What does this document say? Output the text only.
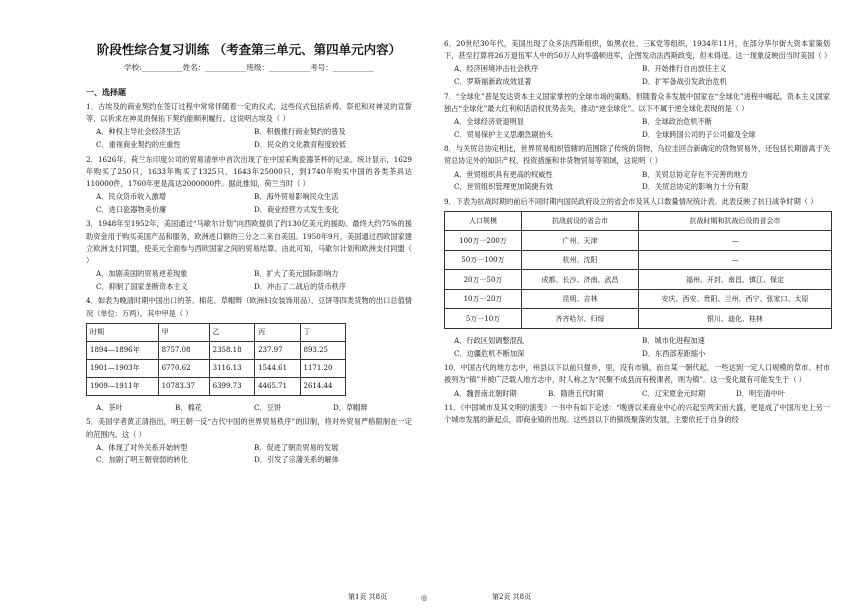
阶段性综合复习训练 （考查第三单元、第四单元内容）
学校:___________姓名：___________班级：___________考号：___________
一、选择题

1．古埃及的商业契约在签订过程中常常伴随着一定的仪式，这些仪式包括祈祷、祭祀和对神灵的宣誓等，以祈求在神灵的保佑下契约能顺利履行。这说明古埃及（ ）

A．种权主导社会经济生活	B．积极推行商业契约的普及
C．重视商业契约的庄重性	D．民众的文化教育程度较低

2．1626年，荷兰东印度公司的贸易清单中首次出现了在中国采购瓷器茶杯的记录。统计显示，1629年购买了250只，1633年购买了1325只，1643年25000只，到1740年购买中国的各类茶具达110000件，1760年更是高达2000000件。据此推知，荷兰当时（ ）

A．民众货币收入激增	B．海外贸易影响民众生活
C．进口瓷器物美价廉	D．商业经营方式发生变化

3．1948年至1952年，美国通过“马歇尔计划”向西欧提供了约130亿美元的援助。最终大约75%的援助资金用于购买美国产品和服务，欧洲进口额的三分之二来自美国。1950年9月，美国通过西欧国家建立欧洲支付同盟，使美元全面参与西欧国家之间的贸易结算。由此可知，马歇尔计划和欧洲支付同盟（ ）

A．加剧美国的贸易逆差现象	B．扩大了美元国际影响力
C．抑制了国家垄断资本主义	D．冲击了二战后的货币秩序

4．如表为晚清时期中国出口的茶、棉花、草帽辫（欧洲妇女装饰用品）、豆饼等四类货物的出口总值情况（单位：万两）。其中甲是（ ）

时期	甲	乙	丙	丁
1894—1896年	8757.08	2358.18	237.97	893.25
1901—1903年	6770.62	3116.13	1544.61	1171.20
1909—1911年	10783.37	6399.73	4465.71	2614.44
A．茶叶	B．棉花	C．豆饼	D．草帽辫

5．美国学者黄正清指出，明王朝一反“古代中国的世界贸易秩序”的旧制，将对外贸易严格限制在一定的范围内。这（ ）

A．体现了对外关系开始转型	B．促进了朝贡贸易的发展
C．加剧了明王朝衰弱的转化	D．引发了宗藩关系的解体

6．20世纪30年代，美国出现了众多法西斯组织，如黑衣社、三K党等组织，1934年11月，在部分华尔街大资本家策划下，甚至打算将26万退伍军人中的50万人向华盛顿进军，企图发动法西斯政变，但未得逞。这一现象反映出当时美国（ ）

A．经济困境冲击社会秩序	B．开始推行自由放任主义
C．罗斯福新政成效显著	D．扩军备战引发政治危机

7．“全球化”普是发达资本主义国家掌控的全球市场的策略。但随着众多发展中国家在“全球化”进程中崛起，资本主义国家独占“全球化”最大红利和话语权优势丧失，推动“逆全球化”。以下不属于逆全球化表现的是（ ）

A．全球经济衰退明显	B．全球政治危机不断
C．贸易保护主义思潮急剧抬头	D．全球跨国公司的子公司撤及全球

8．与关贸总协定相比，世界贸易组织管辖的范围除了传统的货物，乌拉圭回合新确定的货物贸易外，还包括长期游离于关贸总协定外的知识产权、投资措施和非货物贸易等领域，这说明（ ）

A．世贸组织具有更高的权威性	B．关贸总协定存在不完善的地方
C．世贸组织管理更加简捷有效	D．关贸总协定的影响力十分有限

9．下表为抗战时期的前后不同时期内国民政府设立的省会市及其人口数量情况统计表。此表反映了抗日战争时期（ ）

人口规模	抗战前设的省会市	抗战时期和抗战后设的省会市
100万一200万	广州、天津	—
50万一100万	杭州、沈阳	—
20万一50万	成都、长沙、济南、武昌	福州、开封、南昌、镇江、保定
10万一20万	昆明、吉林	安庆、西安、贵阳、兰州、西宁、张家口、太原
5万一10万	齐齐哈尔、归绥	银川、迪化、桂林
A．行政区划调整混乱	B．城市化进程加速
C．边疆危机不断加深	D．东西部差距缩小

10．中国古代的地方志中，州县以下以前只提乡，里，没有市镇，而自某一朝代起，一些达到一定人口规模的草市、村市被列为“镇”并被广泛载入地方志中，时人称之为“民聚不成县而有税课者，则为镇”。这一变化最有可能发生于（ ）

A．魏晋南北朝时期	B．隋唐五代时期	C．辽宋夏金元时期	D．明至清中叶

11．《中国城市及其文明的演变》一书中有如下论述：“晚唐以来商业中心的兴起至两宋而大盛，更是成了中国历史上另一个城市发展的新起点，即商业镇的出现。这些县以下的镇级聚落的发展，主要依托于自身的经

第1页 共8页	◎	第2页 共8页
